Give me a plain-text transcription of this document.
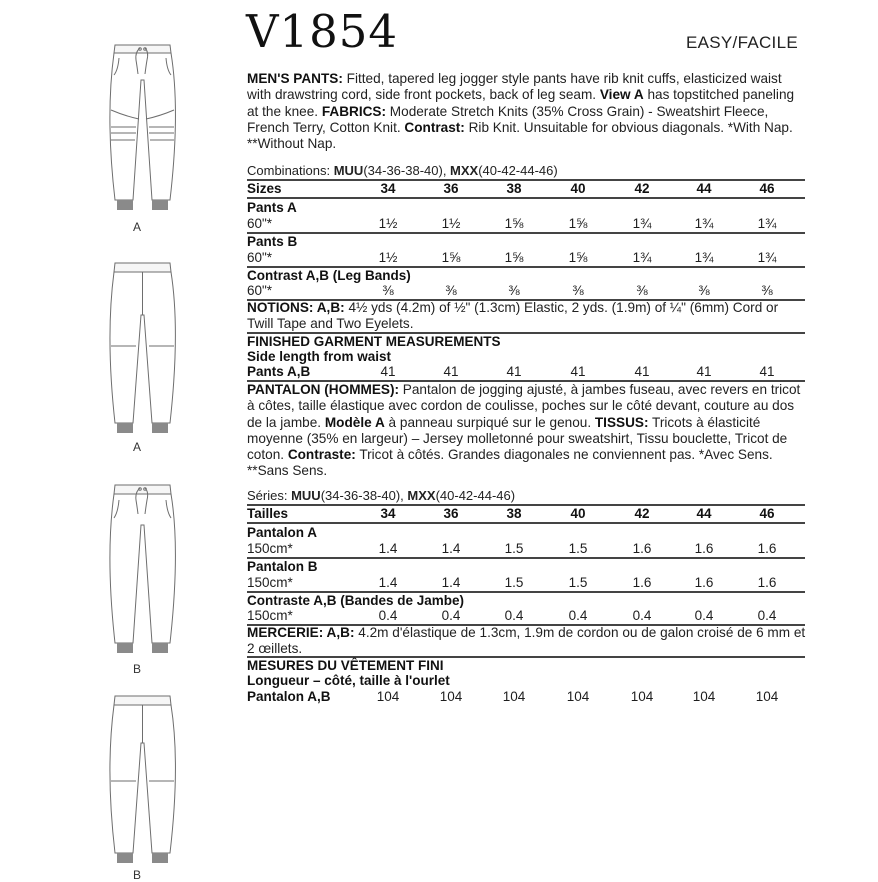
V1854	EASY/FACILE
MEN'S PANTS: Fitted, tapered leg jogger style pants have rib knit cuffs, elasticized waist with drawstring cord, side front pockets, back of leg seam. View A has topstitched paneling at the knee. FABRICS: Moderate Stretch Knits (35% Cross Grain) - Sweatshirt Fleece, French Terry, Cotton Knit. Contrast: Rib Knit. Unsuitable for obvious diagonals. *With Nap. **Without Nap.
Combinations: MUU(34-36-38-40), MXX(40-42-44-46)
Sizes	34	36	38	40	42	44	46
Pants A
60"*	1½	1½	1⅝	1⅝	1¾	1¾	1¾
Pants B
60"*	1½	1⅝	1⅝	1⅝	1¾	1¾	1¾
Contrast A,B (Leg Bands)
60"*	⅜	⅜	⅜	⅜	⅜	⅜	⅜
NOTIONS: A,B: 4½ yds (4.2m) of ½" (1.3cm) Elastic, 2 yds. (1.9m) of ¼" (6mm) Cord or Twill Tape and Two Eyelets.
FINISHED GARMENT MEASUREMENTS
Side length from waist
Pants A,B	41	41	41	41	41	41	41
PANTALON (HOMMES): Pantalon de jogging ajusté, à jambes fuseau, avec revers en tricot à côtes, taille élastique avec cordon de coulisse, poches sur le côté devant, couture au dos de la jambe. Modèle A à panneau surpiqué sur le genou. TISSUS: Tricots à élasticité moyenne (35% en largeur) – Jersey molletonné pour sweatshirt, Tissu bouclette, Tricot de coton. Contraste: Tricot à côtés. Grandes diagonales ne conviennent pas. *Avec Sens. **Sans Sens.
Séries: MUU(34-36-38-40), MXX(40-42-44-46)
Tailles	34	36	38	40	42	44	46
Pantalon A
150cm*	1.4	1.4	1.5	1.5	1.6	1.6	1.6
Pantalon B
150cm*	1.4	1.4	1.5	1.5	1.6	1.6	1.6
Contraste A,B (Bandes de Jambe)
150cm*	0.4	0.4	0.4	0.4	0.4	0.4	0.4
MERCERIE: A,B: 4.2m d'élastique de 1.3cm, 1.9m de cordon ou de galon croisé de 6 mm et 2 œillets.
MESURES DU VÊTEMENT FINI
Longueur – côté, taille à l'ourlet
Pantalon A,B	104	104	104	104	104	104	104
A
A
B
B
